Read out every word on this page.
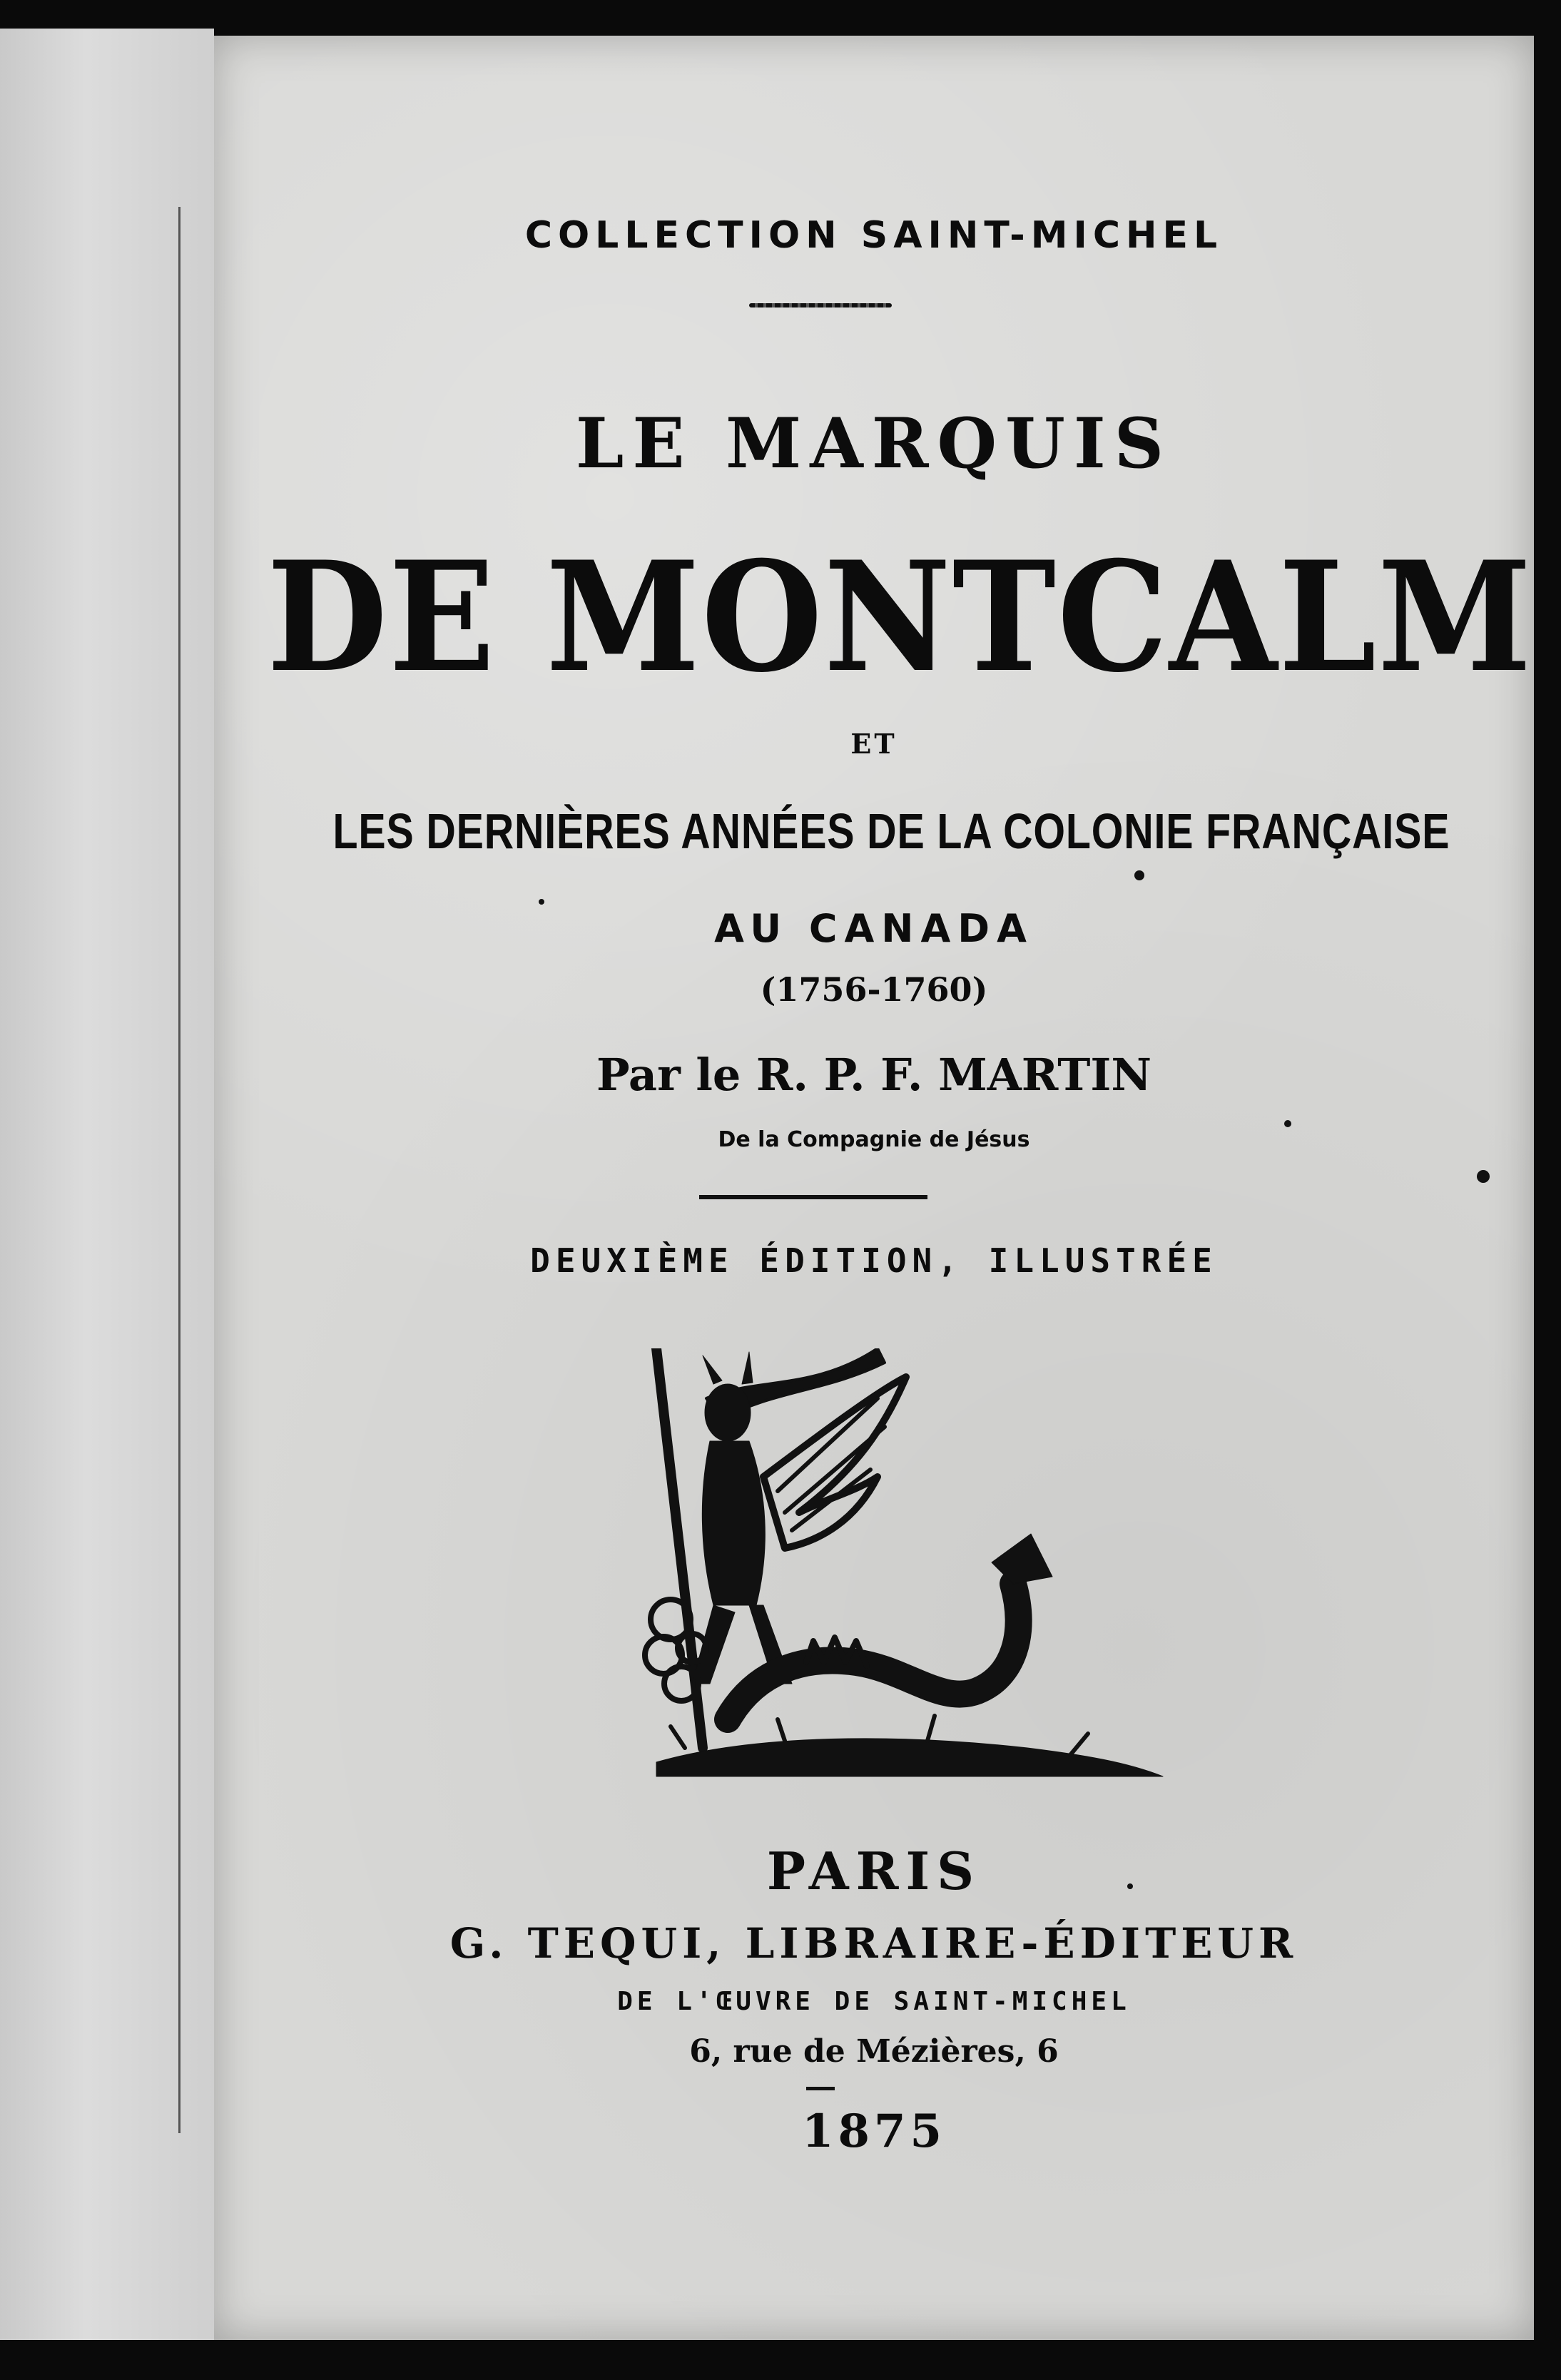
COLLECTION SAINT-MICHEL
LE MARQUIS
DE MONTCALM
ET
LES DERNIÈRES ANNÉES DE LA COLONIE FRANÇAISE
AU CANADA
(1756-1760)
Par le R. P. F. MARTIN
De la Compagnie de Jésus
DEUXIÈME ÉDITION, ILLUSTRÉE
PARIS
G. TEQUI, LIBRAIRE-ÉDITEUR
DE L'ŒUVRE DE SAINT-MICHEL
6, rue de Mézières, 6
1875
